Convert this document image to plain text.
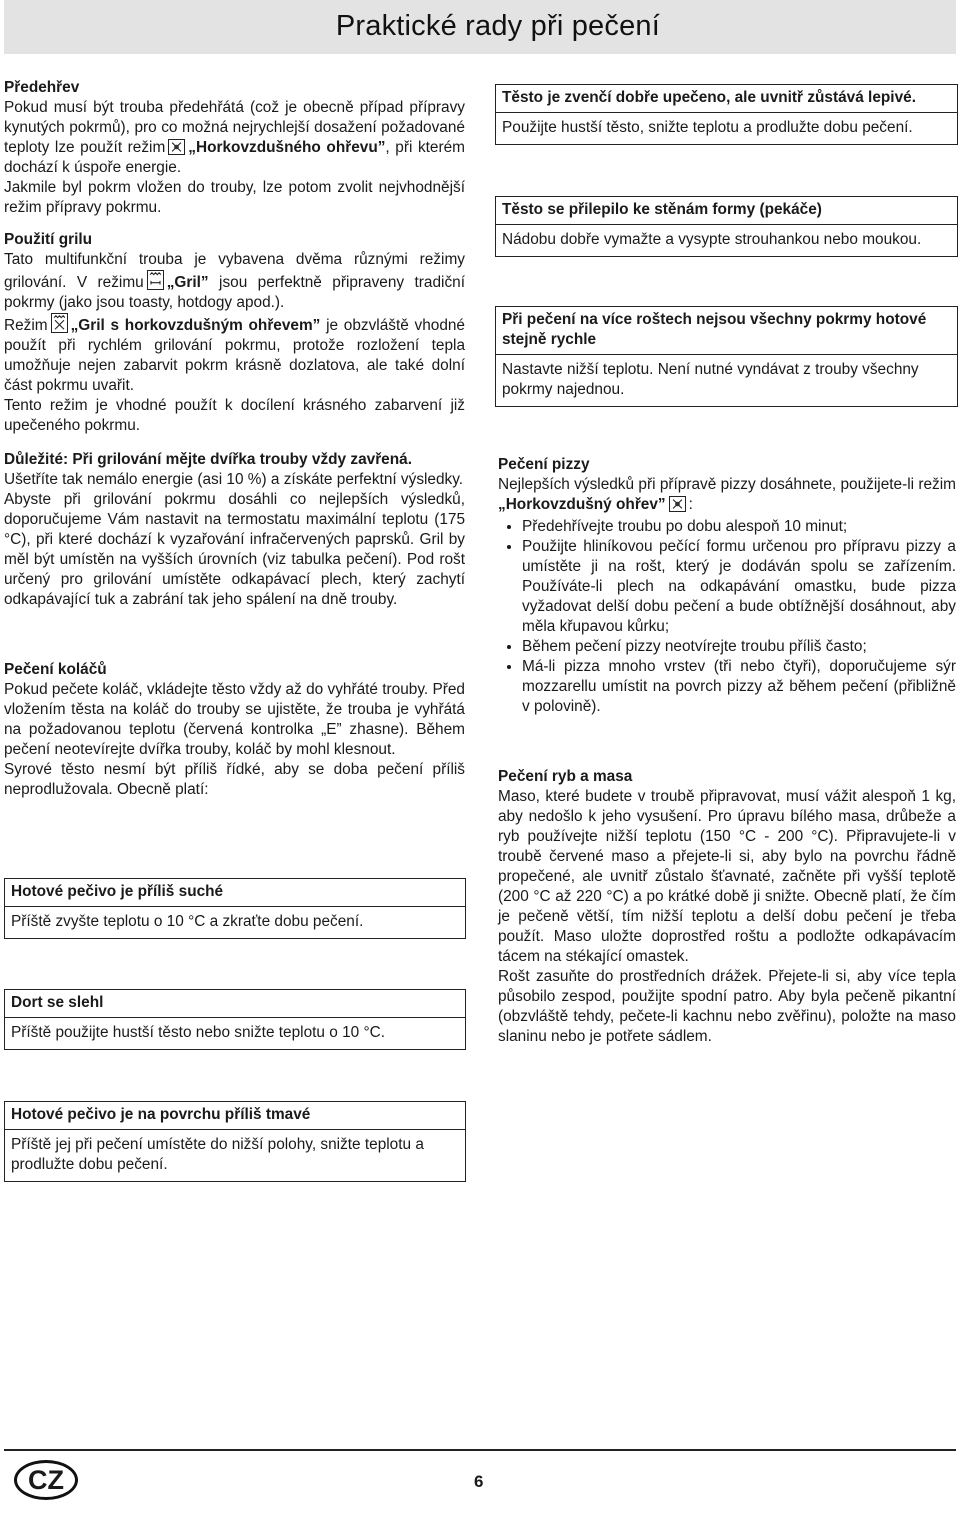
Praktické rady při pečení
Předehřev

Pokud musí být trouba předehřátá (což je obecně případ přípravy kynutých pokrmů), pro co možná nejrychlejší dosažení požadované teploty lze použít režim „Horkovzdušného ohřevu”, při kterém dochází k úspoře energie.

Jakmile byl pokrm vložen do trouby, lze potom zvolit nejvhodnější režim přípravy pokrmu.

Použití grilu

Tato multifunkční trouba je vybavena dvěma různými režimy grilování. V režimu „Gril” jsou perfektně připraveny tradiční pokrmy (jako jsou toasty, hotdogy apod.).

Režim „Gril s horkovzdušným ohřevem” je obzvláště vhodné použít při rychlém grilování pokrmu, protože rozložení tepla umožňuje nejen zabarvit pokrm krásně dozlatova, ale také dolní část pokrmu uvařit.

Tento režim je vhodné použít k docílení krásného zabarvení již upečeného pokrmu.

Důležité: Při grilování mějte dvířka trouby vždy zavřená.

Ušetříte tak nemálo energie (asi 10 %) a získáte perfektní výsledky.

Abyste při grilování pokrmu dosáhli co nejlepších výsledků, doporučujeme Vám nastavit na termostatu maximální teplotu (175 °C), při které dochází k vyzařování infračervených paprsků. Gril by měl být umístěn na vyšších úrovních (viz tabulka pečení). Pod rošt určený pro grilování umístěte odkapávací plech, který zachytí odkapávající tuk a zabrání tak jeho spálení na dně trouby.

Pečení koláčů

Pokud pečete koláč, vkládejte těsto vždy až do vyhřáté trouby. Před vložením těsta na koláč do trouby se ujistěte, že trouba je vyhřátá na požadovanou teplotu (červená kontrolka „E” zhasne). Během pečení neotevírejte dvířka trouby, koláč by mohl klesnout.

Syrové těsto nesmí být příliš řídké, aby se doba pečení příliš neprodlužovala. Obecně platí:

Hotové pečivo je příliš suché
Příště zvyšte teplotu o 10 °C a zkraťte dobu pečení.
Dort se slehl
Příště použijte hustší těsto nebo snižte teplotu o 10 °C.
Hotové pečivo je na povrchu příliš tmavé
Příště jej při pečení umístěte do nižší polohy, snižte teplotu a prodlužte dobu pečení.
Těsto je zvenčí dobře upečeno, ale uvnitř zůstává lepivé.
Použijte hustší těsto, snižte teplotu a prodlužte dobu pečení.
Těsto se přilepilo ke stěnám formy (pekáče)
Nádobu dobře vymažte a vysypte strouhankou nebo moukou.
Při pečení na více roštech nejsou všechny pokrmy hotové stejně rychle
Nastavte nižší teplotu. Není nutné vyndávat z trouby všechny pokrmy najednou.
Pečení pizzy

Nejlepších výsledků při přípravě pizzy dosáhnete, použijete-li režim „Horkovzdušný ohřev” :

• Předehřívejte troubu po dobu alespoň 10 minut;
• Použijte hliníkovou pečící formu určenou pro přípravu pizzy a umístěte ji na rošt, který je dodáván spolu se zařízením. Používáte-li plech na odkapávání omastku, bude pizza vyžadovat delší dobu pečení a bude obtížnější dosáhnout, aby měla křupavou kůrku;
• Během pečení pizzy neotvírejte troubu příliš často;
• Má-li pizza mnoho vrstev (tři nebo čtyři), doporučujeme sýr mozzarellu umístit na povrch pizzy až během pečení (přibližně v polovině).
Pečení ryb a masa

Maso, které budete v troubě připravovat, musí vážit alespoň 1 kg, aby nedošlo k jeho vysušení. Pro úpravu bílého masa, drůbeže a ryb používejte nižší teplotu (150 °C - 200 °C). Připravujete-li v troubě červené maso a přejete-li si, aby bylo na povrchu řádně propečené, ale uvnitř zůstalo šťavnaté, začněte při vyšší teplotě (200 °C až 220 °C) a po krátké době ji snižte. Obecně platí, že čím je pečeně větší, tím nižší teplotu a delší dobu pečení je třeba použít. Maso uložte doprostřed roštu a podložte odkapávacím tácem na stékající omastek.

Rošt zasuňte do prostředních drážek. Přejete-li si, aby více tepla působilo zespod, použijte spodní patro. Aby byla pečeně pikantní (obzvláště tehdy, pečete-li kachnu nebo zvěřinu), položte na maso slaninu nebo je potřete sádlem.

CZ	6
